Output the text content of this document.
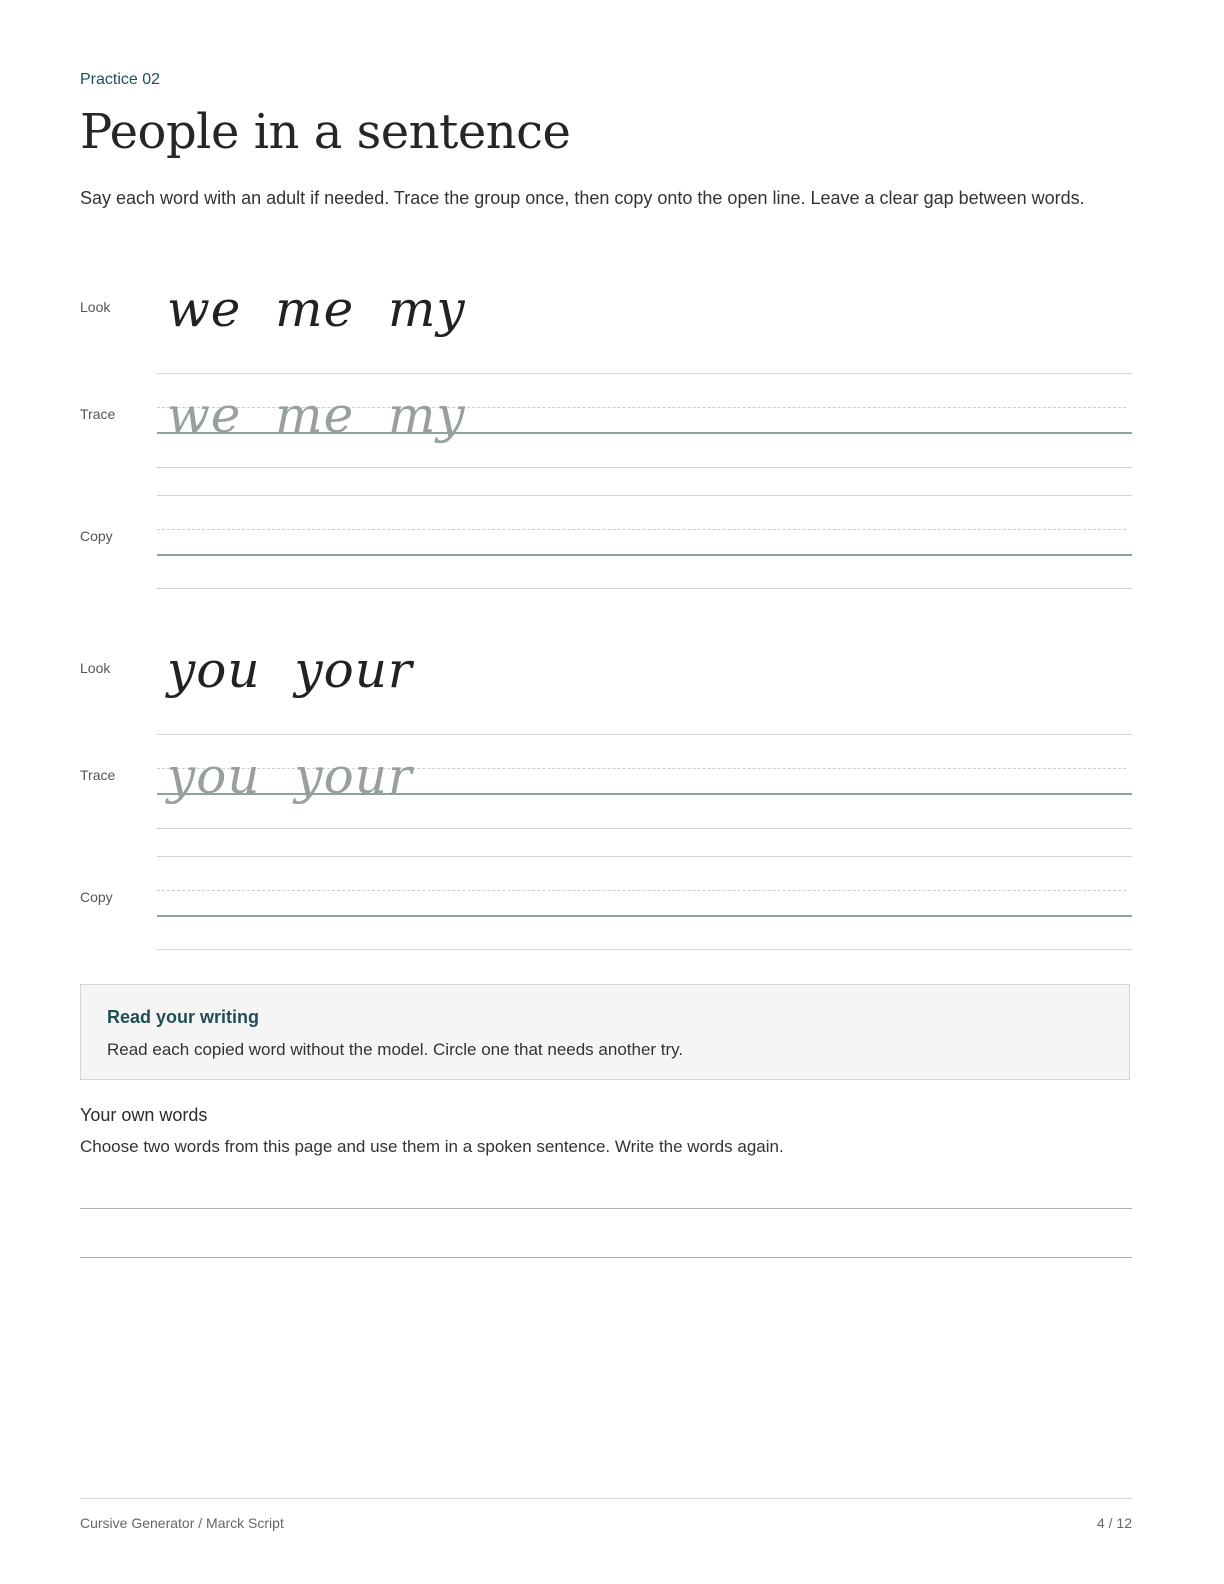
Practice 02
People in a sentence

Say each word with an adult if needed. Trace the group once, then copy onto the open line. Leave a clear gap between words.

Look we  me  my
Trace we  me  my
Copy
Look you  your
Trace you  your
Copy
Read your writing
Read each copied word without the model. Circle one that needs another try.
Your own words
Choose two words from this page and use them in a spoken sentence. Write the words again.
Cursive Generator / Marck Script	4 / 12
